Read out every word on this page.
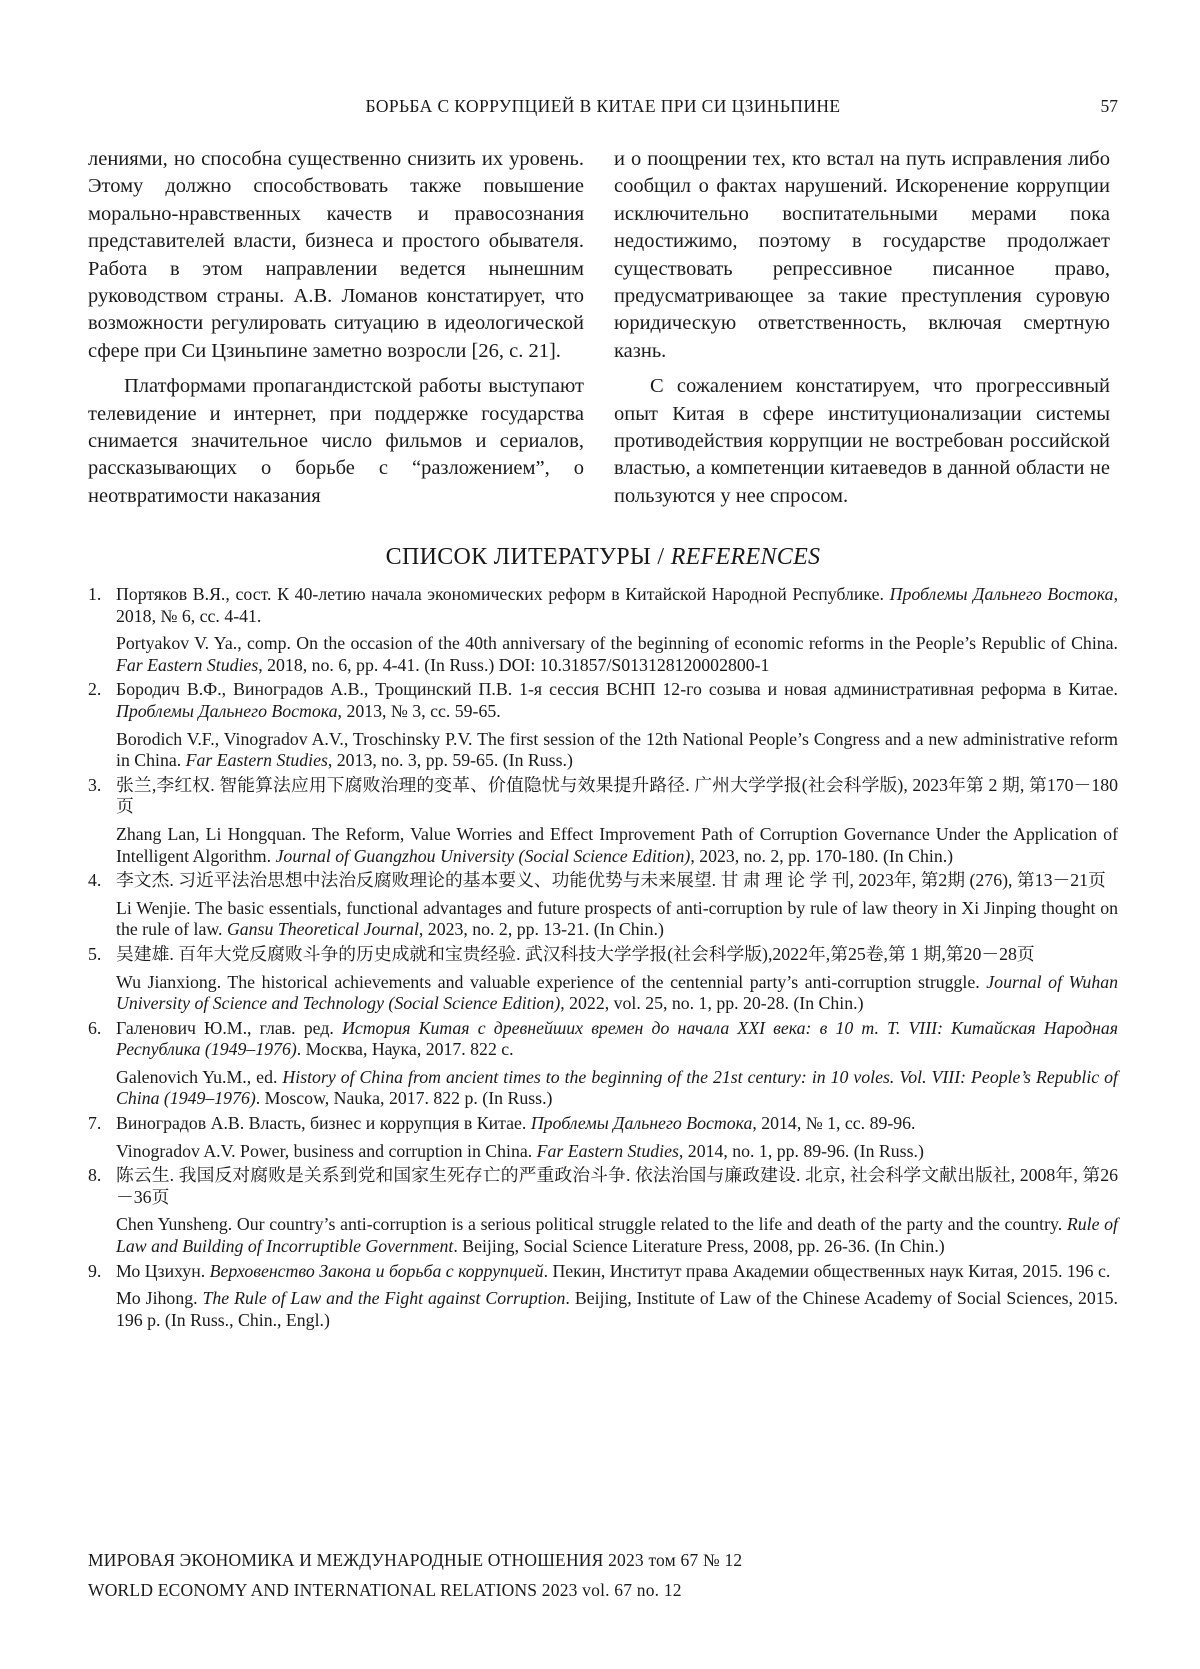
БОРЬБА С КОРРУПЦИЕЙ В КИТАЕ ПРИ СИ ЦЗИНЬПИНЕ	57

лениями, но способна существенно снизить их уровень. Этому должно способствовать также повышение морально-нравственных качеств и правосознания представителей власти, бизнеса и простого обывателя. Работа в этом направлении ведется нынешним руководством страны. А.В. Ломанов констатирует, что возможности регулировать ситуацию в идеологической сфере при Си Цзиньпине заметно возросли [26, с. 21].

Платформами пропагандистской работы выступают телевидение и интернет, при поддержке государства снимается значительное число фильмов и сериалов, рассказывающих о борьбе с “разложением”, о неотвратимости наказания

и о поощрении тех, кто встал на путь исправления либо сообщил о фактах нарушений. Искоренение коррупции исключительно воспитательными мерами пока недостижимо, поэтому в государстве продолжает существовать репрессивное писанное право, предусматривающее за такие преступления суровую юридическую ответственность, включая смертную казнь.

С сожалением констатируем, что прогрессивный опыт Китая в сфере институционализации системы противодействия коррупции не востребован российской властью, а компетенции китаеведов в данной области не пользуются у нее спросом.

СПИСОК ЛИТЕРАТУРЫ / REFERENCES
1. Портяков В.Я., сост. К 40-летию начала экономических реформ в Китайской Народной Республике. Проблемы Дальнего Востока, 2018, № 6, сс. 4-41.
Portyakov V. Ya., comp. On the occasion of the 40th anniversary of the beginning of economic reforms in the People’s Republic of China. Far Eastern Studies, 2018, no. 6, pp. 4-41. (In Russ.) DOI: 10.31857/S013128120002800-1
2. Бородич В.Ф., Виноградов А.В., Трощинский П.В. 1-я сессия ВСНП 12-го созыва и новая административная реформа в Китае. Проблемы Дальнего Востока, 2013, № 3, сс. 59-65.
Borodich V.F., Vinogradov A.V., Troschinsky P.V. The first session of the 12th National People’s Congress and a new administrative reform in China. Far Eastern Studies, 2013, no. 3, pp. 59-65. (In Russ.)
3. 张兰,李红权. 智能算法应用下腐败治理的变革、价值隐忧与效果提升路径. 广州大学学报(社会科学版), 2023年第 2 期, 第170－180页
Zhang Lan, Li Hongquan. The Reform, Value Worries and Effect Improvement Path of Corruption Governance Under the Application of Intelligent Algorithm. Journal of Guangzhou University (Social Science Edition), 2023, no. 2, pp. 170-180. (In Chin.)
4. 李文杰. 习近平法治思想中法治反腐败理论的基本要义、功能优势与未来展望. 甘 肃 理 论 学 刊, 2023年, 第2期 (276), 第13－21页
Li Wenjie. The basic essentials, functional advantages and future prospects of anti-corruption by rule of law theory in Xi Jinping thought on the rule of law. Gansu Theoretical Journal, 2023, no. 2, pp. 13-21. (In Chin.)
5. 吴建雄. 百年大党反腐败斗争的历史成就和宝贵经验. 武汉科技大学学报(社会科学版),2022年,第25卷,第 1 期,第20－28页
Wu Jianxiong. The historical achievements and valuable experience of the centennial party’s anti-corruption struggle. Journal of Wuhan University of Science and Technology (Social Science Edition), 2022, vol. 25, no. 1, pp. 20-28. (In Chin.)
6. Галенович Ю.М., глав. ред. История Китая с древнейших времен до начала XXI века: в 10 т. Т. VIII: Китайская Народная Республика (1949–1976). Москва, Наука, 2017. 822 с.
Galenovich Yu.M., ed. History of China from ancient times to the beginning of the 21st century: in 10 voles. Vol. VIII: People’s Republic of China (1949–1976). Moscow, Nauka, 2017. 822 p. (In Russ.)
7. Виноградов А.В. Власть, бизнес и коррупция в Китае. Проблемы Дальнего Востока, 2014, № 1, сс. 89-96.
Vinogradov A.V. Power, business and corruption in China. Far Eastern Studies, 2014, no. 1, pp. 89-96. (In Russ.)
8. 陈云生. 我国反对腐败是关系到党和国家生死存亡的严重政治斗争. 依法治国与廉政建设. 北京, 社会科学文献出版社, 2008年, 第26－36页
Chen Yunsheng. Our country’s anti-corruption is a serious political struggle related to the life and death of the party and the country. Rule of Law and Building of Incorruptible Government. Beijing, Social Science Literature Press, 2008, pp. 26-36. (In Chin.)
9. Мо Цзихун. Верховенство Закона и борьба с коррупцией. Пекин, Институт права Академии общественных наук Китая, 2015. 196 с.
Mo Jihong. The Rule of Law and the Fight against Corruption. Beijing, Institute of Law of the Chinese Academy of Social Sciences, 2015. 196 p. (In Russ., Chin., Engl.)
МИРОВАЯ ЭКОНОМИКА И МЕЖДУНАРОДНЫЕ ОТНОШЕНИЯ 2023 том 67 № 12
WORLD ECONOMY AND INTERNATIONAL RELATIONS 2023 vol. 67 no. 12
